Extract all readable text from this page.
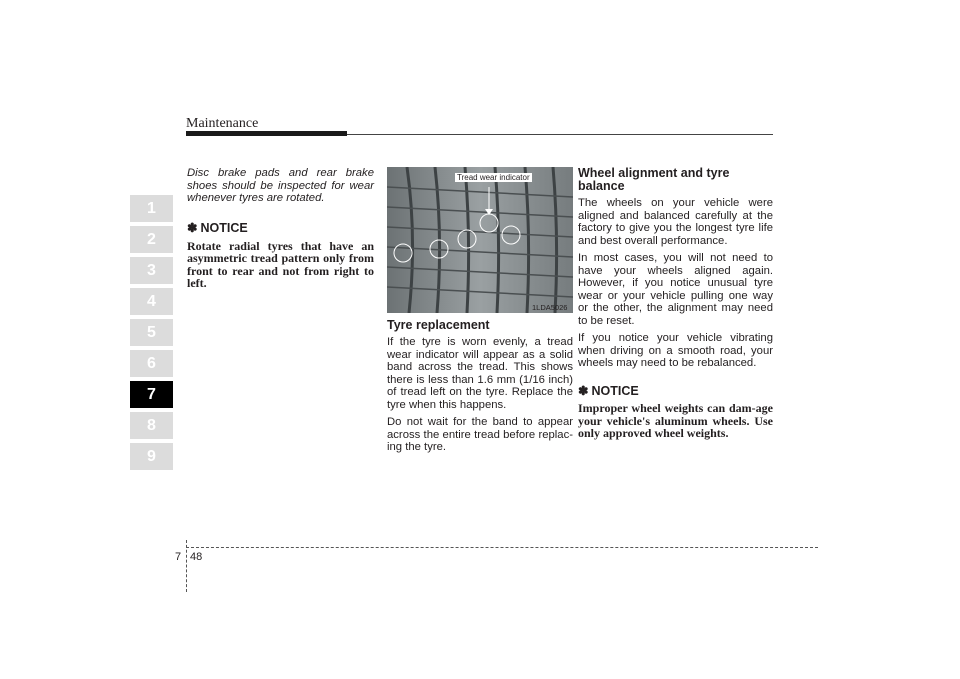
Maintenance
1
2
3
4
5
6
7
8
9

Disc brake pads and rear brake shoes should be inspected for wear whenever tyres are rotated.

✽ NOTICE
Rotate radial tyres that have an asymmetric tread pattern only from front to rear and not from right to left.
Tread wear indicator
1LDA5026
Tyre replacement

If the tyre is worn evenly, a tread wear indicator will appear as a solid band across the tread. This shows there is less than 1.6 mm (1/16 inch) of tread left on the tyre. Replace the tyre when this happens.

Do not wait for the band to appear across the entire tread before replac-ing the tyre.

Wheel alignment and tyre balance

The wheels on your vehicle were aligned and balanced carefully at the factory to give you the longest tyre life and best overall performance.

In most cases, you will not need to have your wheels aligned again. However, if you notice unusual tyre wear or your vehicle pulling one way or the other, the alignment may need to be reset.

If you notice your vehicle vibrating when driving on a smooth road, your wheels may need to be rebalanced.

✽ NOTICE
Improper wheel weights can dam-age your vehicle's aluminum wheels. Use only approved wheel weights.
7 48
